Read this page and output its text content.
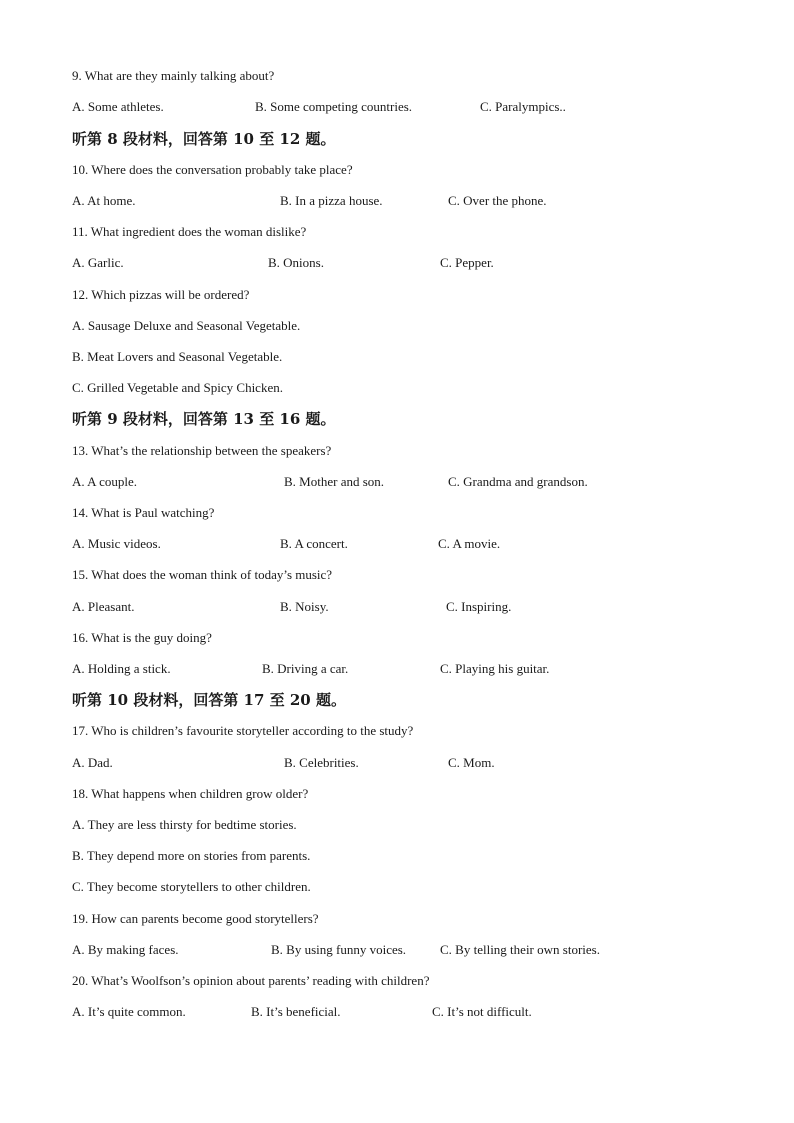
9. What are they mainly talking about?
A. Some athletes.	B. Some competing countries.	C. Paralympics..
听第 8 段材料，回答第 10 至 12 题。
10. Where does the conversation probably take place?
A. At home.	B. In a pizza house.	C. Over the phone.
11. What ingredient does the woman dislike?
A. Garlic.	B. Onions.	C. Pepper.
12. Which pizzas will be ordered?
A. Sausage Deluxe and Seasonal Vegetable.
B. Meat Lovers and Seasonal Vegetable.
C. Grilled Vegetable and Spicy Chicken.
听第 9 段材料，回答第 13 至 16 题。
13. What’s the relationship between the speakers?
A. A couple.	B. Mother and son.	C. Grandma and grandson.
14. What is Paul watching?
A. Music videos.	B. A concert.	C. A movie.
15. What does the woman think of today’s music?
A. Pleasant.	B. Noisy.	C. Inspiring.
16. What is the guy doing?
A. Holding a stick.	B. Driving a car.	C. Playing his guitar.
听第 10 段材料，回答第 17 至 20 题。
17. Who is children’s favourite storyteller according to the study?
A. Dad.	B. Celebrities.	C. Mom.
18. What happens when children grow older?
A. They are less thirsty for bedtime stories.
B. They depend more on stories from parents.
C. They become storytellers to other children.
19. How can parents become good storytellers?
A. By making faces.	B. By using funny voices.	C. By telling their own stories.
20. What’s Woolfson’s opinion about parents’ reading with children?
A. It’s quite common.	B. It’s beneficial.	C. It’s not difficult.
